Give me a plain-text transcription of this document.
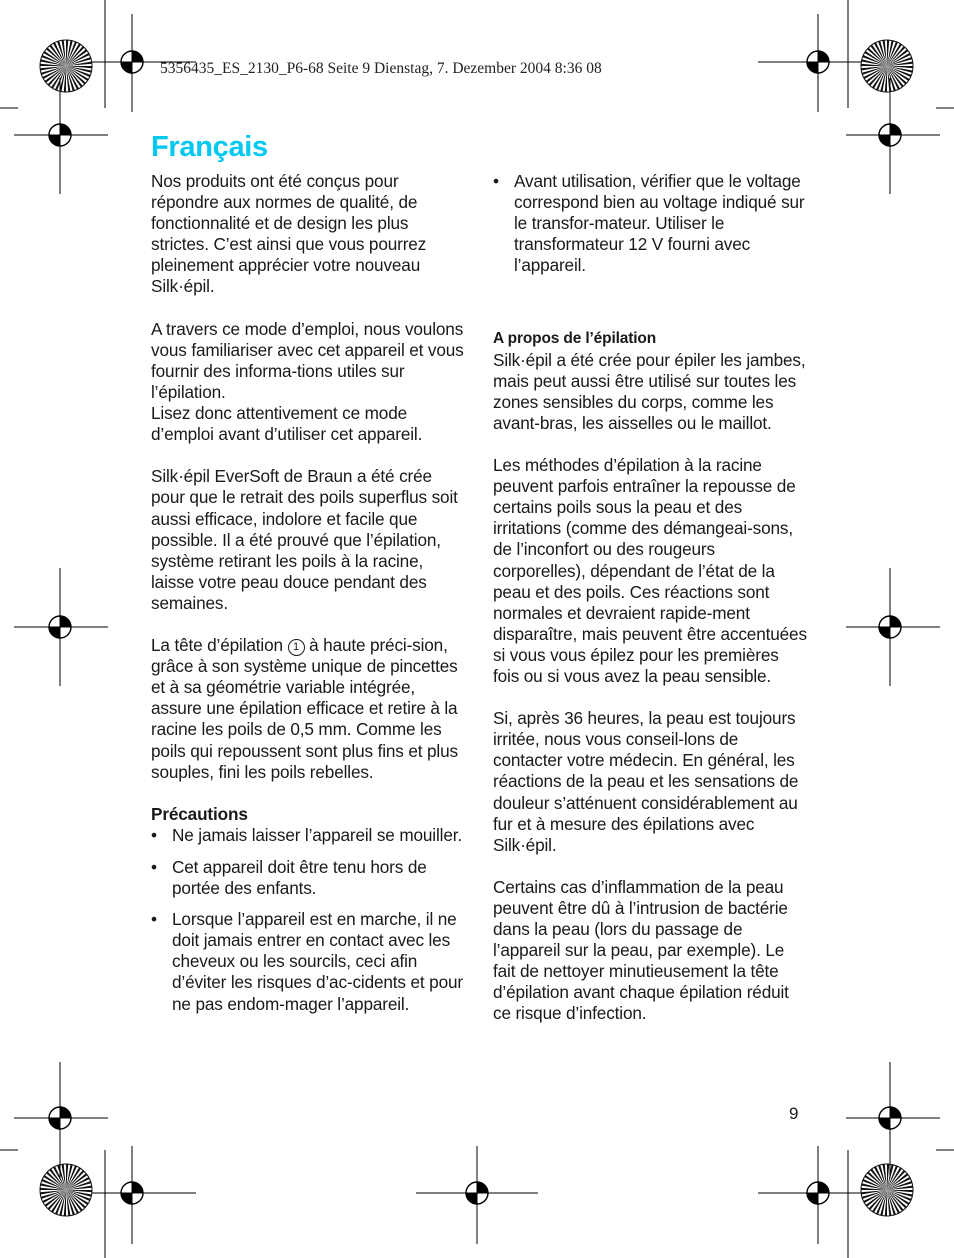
5356435_ES_2130_P6-68 Seite 9 Dienstag, 7. Dezember 2004 8:36 08
Français

Nos produits ont été conçus pour répondre aux normes de qualité, de fonctionnalité et de design les plus strictes. C’est ainsi que vous pourrez pleinement apprécier votre nouveau Silk·épil.

A travers ce mode d’emploi, nous voulons vous familiariser avec cet appareil et vous fournir des informa-tions utiles sur l’épilation.

Lisez donc attentivement ce mode d’emploi avant d’utiliser cet appareil.

Silk·épil EverSoft de Braun a été crée pour que le retrait des poils superflus soit aussi efficace, indolore et facile que possible. Il a été prouvé que l’épilation, système retirant les poils à la racine, laisse votre peau douce pendant des semaines.

La tête d’épilation 1 à haute préci-sion, grâce à son système unique de pincettes et à sa géométrie variable intégrée, assure une épilation efficace et retire à la racine les poils de 0,5 mm. Comme les poils qui repoussent sont plus fins et plus souples, fini les poils rebelles.

Précautions

• Ne jamais laisser l’appareil se mouiller.
• Cet appareil doit être tenu hors de portée des enfants.
• Lorsque l’appareil est en marche, il ne doit jamais entrer en contact avec les cheveux ou les sourcils, ceci afin d’éviter les risques d’ac-cidents et pour ne pas endom-mager l’appareil.
• Avant utilisation, vérifier que le voltage correspond bien au voltage indiqué sur le transfor-mateur. Utiliser le transformateur 12 V fourni avec l’appareil.

A propos de l’épilation

Silk·épil a été crée pour épiler les jambes, mais peut aussi être utilisé sur toutes les zones sensibles du corps, comme les avant-bras, les aisselles ou le maillot.

Les méthodes d’épilation à la racine peuvent parfois entraîner la repousse de certains poils sous la peau et des irritations (comme des démangeai-sons, de l’inconfort ou des rougeurs corporelles), dépendant de l’état de la peau et des poils. Ces réactions sont normales et devraient rapide-ment disparaître, mais peuvent être accentuées si vous vous épilez pour les premières fois ou si vous avez la peau sensible.

Si, après 36 heures, la peau est toujours irritée, nous vous conseil-lons de contacter votre médecin. En général, les réactions de la peau et les sensations de douleur s’atténuent considérablement au fur et à mesure des épilations avec Silk·épil.

Certains cas d’inflammation de la peau peuvent être dû à l’intrusion de bactérie dans la peau (lors du passage de l’appareil sur la peau, par exemple). Le fait de nettoyer minutieusement la tête d’épilation avant chaque épilation réduit ce risque d’infection.

9
